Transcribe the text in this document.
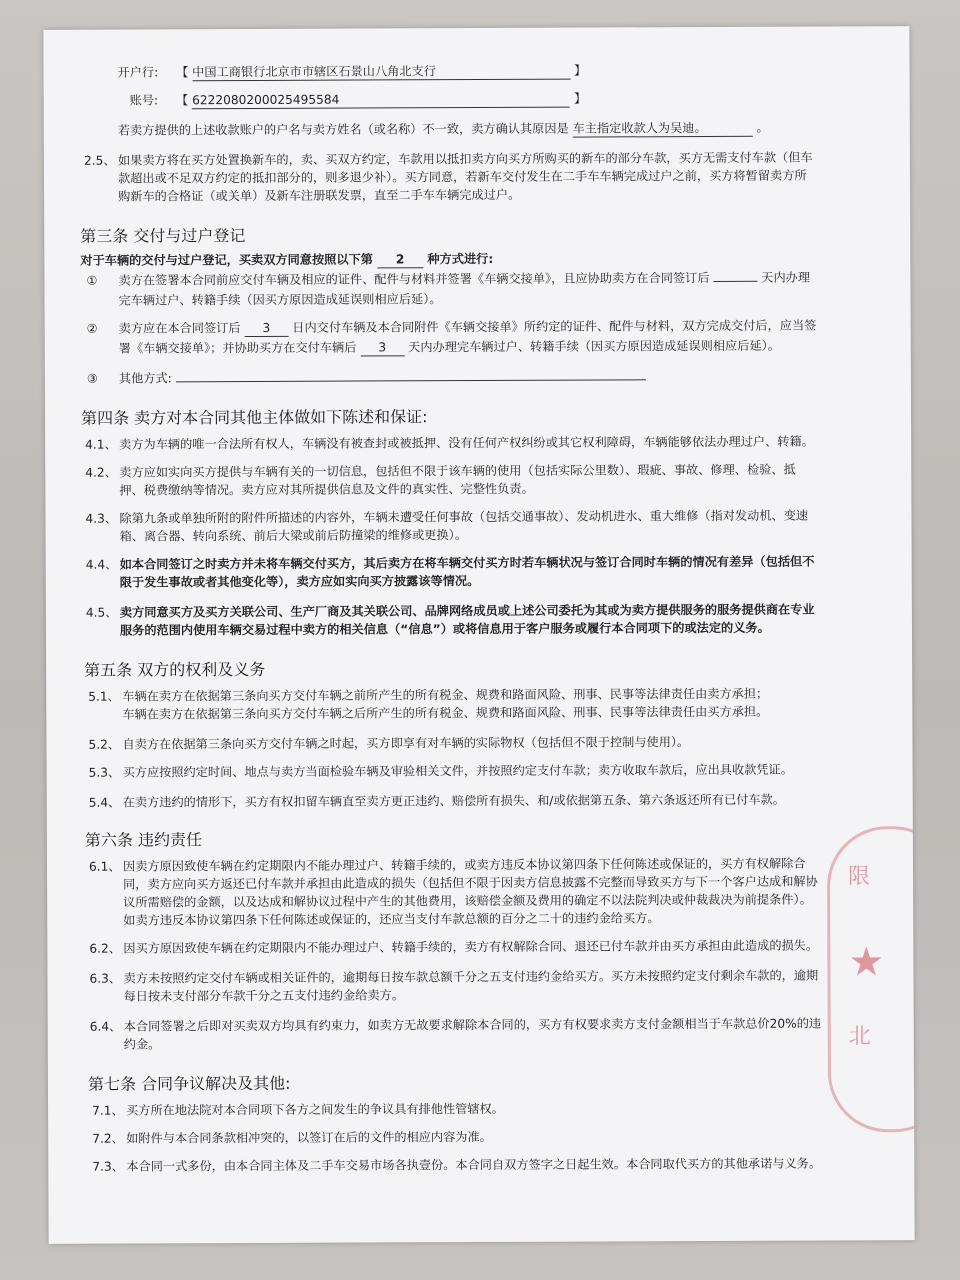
开户行: 【 中国工商银行北京市市辖区石景山八角北支行	】
账号: 【 6222080200025495584	】
若卖方提供的上述收款账户的户名与卖方姓名（或名称）不一致，卖方确认其原因是 车主指定收款人为吴迪。	。
2.5、 如果卖方将在买方处置换新车的，卖、买双方约定，车款用以抵扣卖方向买方所购买的新车的部分车款，买方无需支付车款（但车
款超出或不足双方约定的抵扣部分的，则多退少补）。买方同意，若新车交付发生在二手车车辆完成过户之前，买方将暂留卖方所
购新车的合格证（或关单）及新车注册联发票，直至二手车车辆完成过户。
第三条 交付与过户登记
对于车辆的交付与过户登记，买卖双方同意按照以下第 2 种方式进行:
① 卖方在签署本合同前应交付车辆及相应的证件、配件与材料并签署《车辆交接单》，且应协助卖方在合同签订后	天内办理
完车辆过户、转籍手续（因买方原因造成延误则相应后延）。
② 卖方应在本合同签订后 3 日内交付车辆及本合同附件《车辆交接单》所约定的证件、配件与材料，双方完成交付后，应当签
署《车辆交接单》；并协助买方在交付车辆后 3 天内办理完车辆过户、转籍手续（因买方原因造成延误则相应后延）。
③ 其他方式:
第四条 卖方对本合同其他主体做如下陈述和保证:
4.1、 卖方为车辆的唯一合法所有权人，车辆没有被查封或被抵押、没有任何产权纠纷或其它权利障碍，车辆能够依法办理过户、转籍。
4.2、 卖方应如实向买方提供与车辆有关的一切信息，包括但不限于该车辆的使用（包括实际公里数）、瑕疵、事故、修理、检验、抵
押、税费缴纳等情况。卖方应对其所提供信息及文件的真实性、完整性负责。
4.3、 除第九条或单独所附的附件所描述的内容外，车辆未遭受任何事故（包括交通事故）、发动机进水、重大维修（指对发动机、变速
箱、离合器、转向系统、前后大梁或前后防撞梁的维修或更换）。
4.4、 如本合同签订之时卖方并未将车辆交付买方，其后卖方在将车辆交付买方时若车辆状况与签订合同时车辆的情况有差异（包括但不
限于发生事故或者其他变化等），卖方应如实向买方披露该等情况。
4.5、 卖方同意买方及买方关联公司、生产厂商及其关联公司、品牌网络成员或上述公司委托为其或为卖方提供服务的服务提供商在专业
服务的范围内使用车辆交易过程中卖方的相关信息（“信息”）或将信息用于客户服务或履行本合同项下的或法定的义务。
第五条 双方的权利及义务
5.1、 车辆在卖方在依据第三条向买方交付车辆之前所产生的所有税金、规费和路面风险、刑事、民事等法律责任由卖方承担；
车辆在卖方在依据第三条向买方交付车辆之后所产生的所有税金、规费和路面风险、刑事、民事等法律责任由买方承担。
5.2、 自卖方在依据第三条向买方交付车辆之时起，买方即享有对车辆的实际物权（包括但不限于控制与使用）。
5.3、 买方应按照约定时间、地点与卖方当面检验车辆及审验相关文件，并按照约定支付车款；卖方收取车款后，应出具收款凭证。
5.4、 在卖方违约的情形下，买方有权扣留车辆直至卖方更正违约、赔偿所有损失、和/或依据第五条、第六条返还所有已付车款。
第六条 违约责任
6.1、 因卖方原因致使车辆在约定期限内不能办理过户、转籍手续的，或卖方违反本协议第四条下任何陈述或保证的，买方有权解除合
同，卖方应向买方返还已付车款并承担由此造成的损失（包括但不限于因卖方信息披露不完整而导致买方与下一个客户达成和解协
议所需赔偿的金额，以及达成和解协议过程中产生的其他费用，该赔偿金额及费用的确定不以法院判决或仲裁裁决为前提条件）。
如卖方违反本协议第四条下任何陈述或保证的，还应当支付车款总额的百分之二十的违约金给买方。
6.2、 因买方原因致使车辆在约定期限内不能办理过户、转籍手续的，卖方有权解除合同、退还已付车款并由买方承担由此造成的损失。
6.3、 卖方未按照约定交付车辆或相关证件的，逾期每日按车款总额千分之五支付违约金给买方。买方未按照约定支付剩余车款的，逾期
每日按未支付部分车款千分之五支付违约金给卖方。
6.4、 本合同签署之后即对买卖双方均具有约束力，如卖方无故要求解除本合同的，买方有权要求卖方支付金额相当于车款总价20%的违
约金。
第七条 合同争议解决及其他:
7.1、 买方所在地法院对本合同项下各方之间发生的争议具有排他性管辖权。
7.2、 如附件与本合同条款相冲突的，以签订在后的文件的相应内容为准。
7.3、 本合同一式多份，由本合同主体及二手车交易市场各执壹份。本合同自双方签字之日起生效。本合同取代买方的其他承诺与义务。
限
★
北
